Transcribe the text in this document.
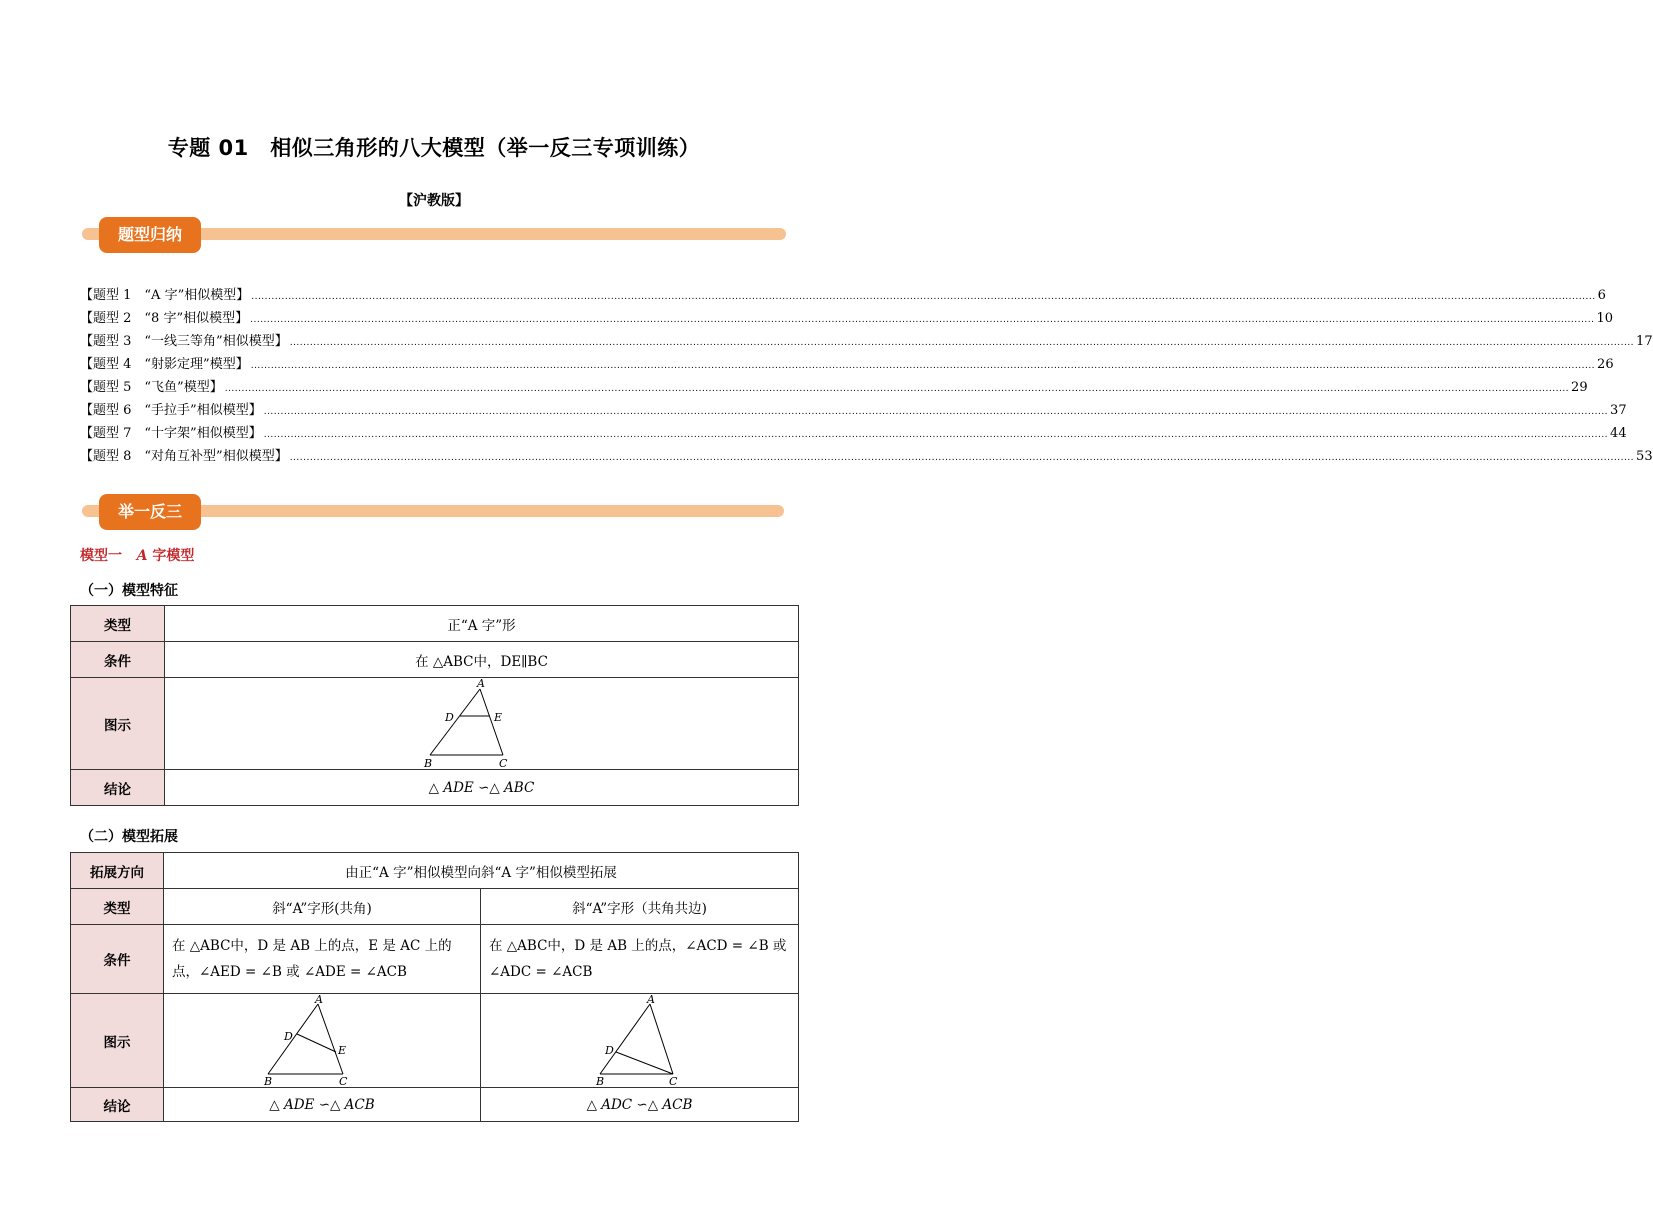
专题 01　相似三角形的八大模型（举一反三专项训练）
【沪教版】
题型归纳
【题型 1　“A 字”相似模型】 ................................................................................................................................................................................................................................................................................................................................................................................................................ 6
【题型 2　“8 字”相似模型】 ................................................................................................................................................................................................................................................................................................................................................................................................................ 10
【题型 3　“一线三等角”相似模型】 ................................................................................................................................................................................................................................................................................................................................................................................................................ 17
【题型 4　“射影定理”模型】 ................................................................................................................................................................................................................................................................................................................................................................................................................ 26
【题型 5　“飞鱼”模型】 ................................................................................................................................................................................................................................................................................................................................................................................................................ 29
【题型 6　“手拉手”相似模型】 ................................................................................................................................................................................................................................................................................................................................................................................................................ 37
【题型 7　“十字架”相似模型】 ................................................................................................................................................................................................................................................................................................................................................................................................................ 44
【题型 8　“对角互补型”相似模型】 ................................................................................................................................................................................................................................................................................................................................................................................................................ 53
举一反三
模型一 A 字模型
（一）模型特征
类型	正“A 字”形
条件	在 △ABC中，DE∥BC
图示	A
D E
B C

结论	△ ADE ∽△ ABC
（二）模型拓展
拓展方向	由正“A 字”相似模型向斜“A 字”相似模型拓展	
类型	斜“A”字形(共角)	斜“A”字形（共角共边)
条件	在 △ABC中，D 是 AB 上的点，E 是 AC 上的点，∠AED = ∠B 或 ∠ADE = ∠ACB	在 △ABC中，D 是 AB 上的点，∠ACD = ∠B 或 ∠ADC = ∠ACB
图示	A
D
E
B C	A
D
B C

结论	△ ADE ∽△ ACB	△ ADC ∽△ ACB
